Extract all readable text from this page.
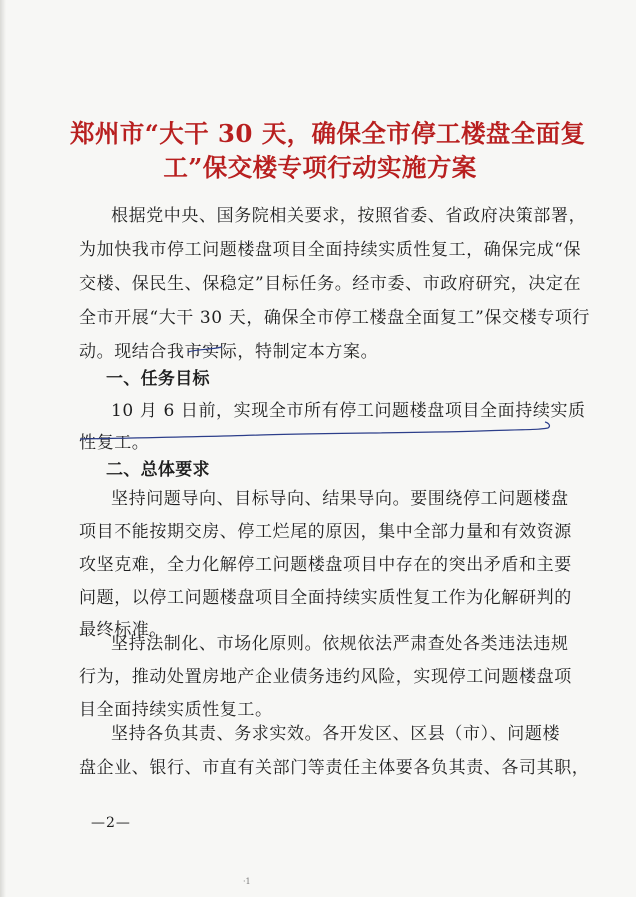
郑州市“大干 30 天，确保全市停工楼盘全面复
工”保交楼专项行动实施方案
根据党中央、国务院相关要求，按照省委、省政府决策部署，
为加快我市停工问题楼盘项目全面持续实质性复工，确保完成“保
交楼、保民生、保稳定”目标任务。经市委、市政府研究，决定在
全市开展“大干 30 天，确保全市停工楼盘全面复工”保交楼专项行
动。现结合我市实际，特制定本方案。
一、任务目标
10 月 6 日前，实现全市所有停工问题楼盘项目全面持续实质
性复工。
二、总体要求
坚持问题导向、目标导向、结果导向。要围绕停工问题楼盘
项目不能按期交房、停工烂尾的原因，集中全部力量和有效资源
攻坚克难，全力化解停工问题楼盘项目中存在的突出矛盾和主要
问题，以停工问题楼盘项目全面持续实质性复工作为化解研判的
最终标准。
坚持法制化、市场化原则。依规依法严肃查处各类违法违规
行为，推动处置房地产企业债务违约风险，实现停工问题楼盘项
目全面持续实质性复工。
坚持各负其责、务求实效。各开发区、区县（市）、问题楼
盘企业、银行、市直有关部门等责任主体要各负其责、各司其职，
—2—
·1
